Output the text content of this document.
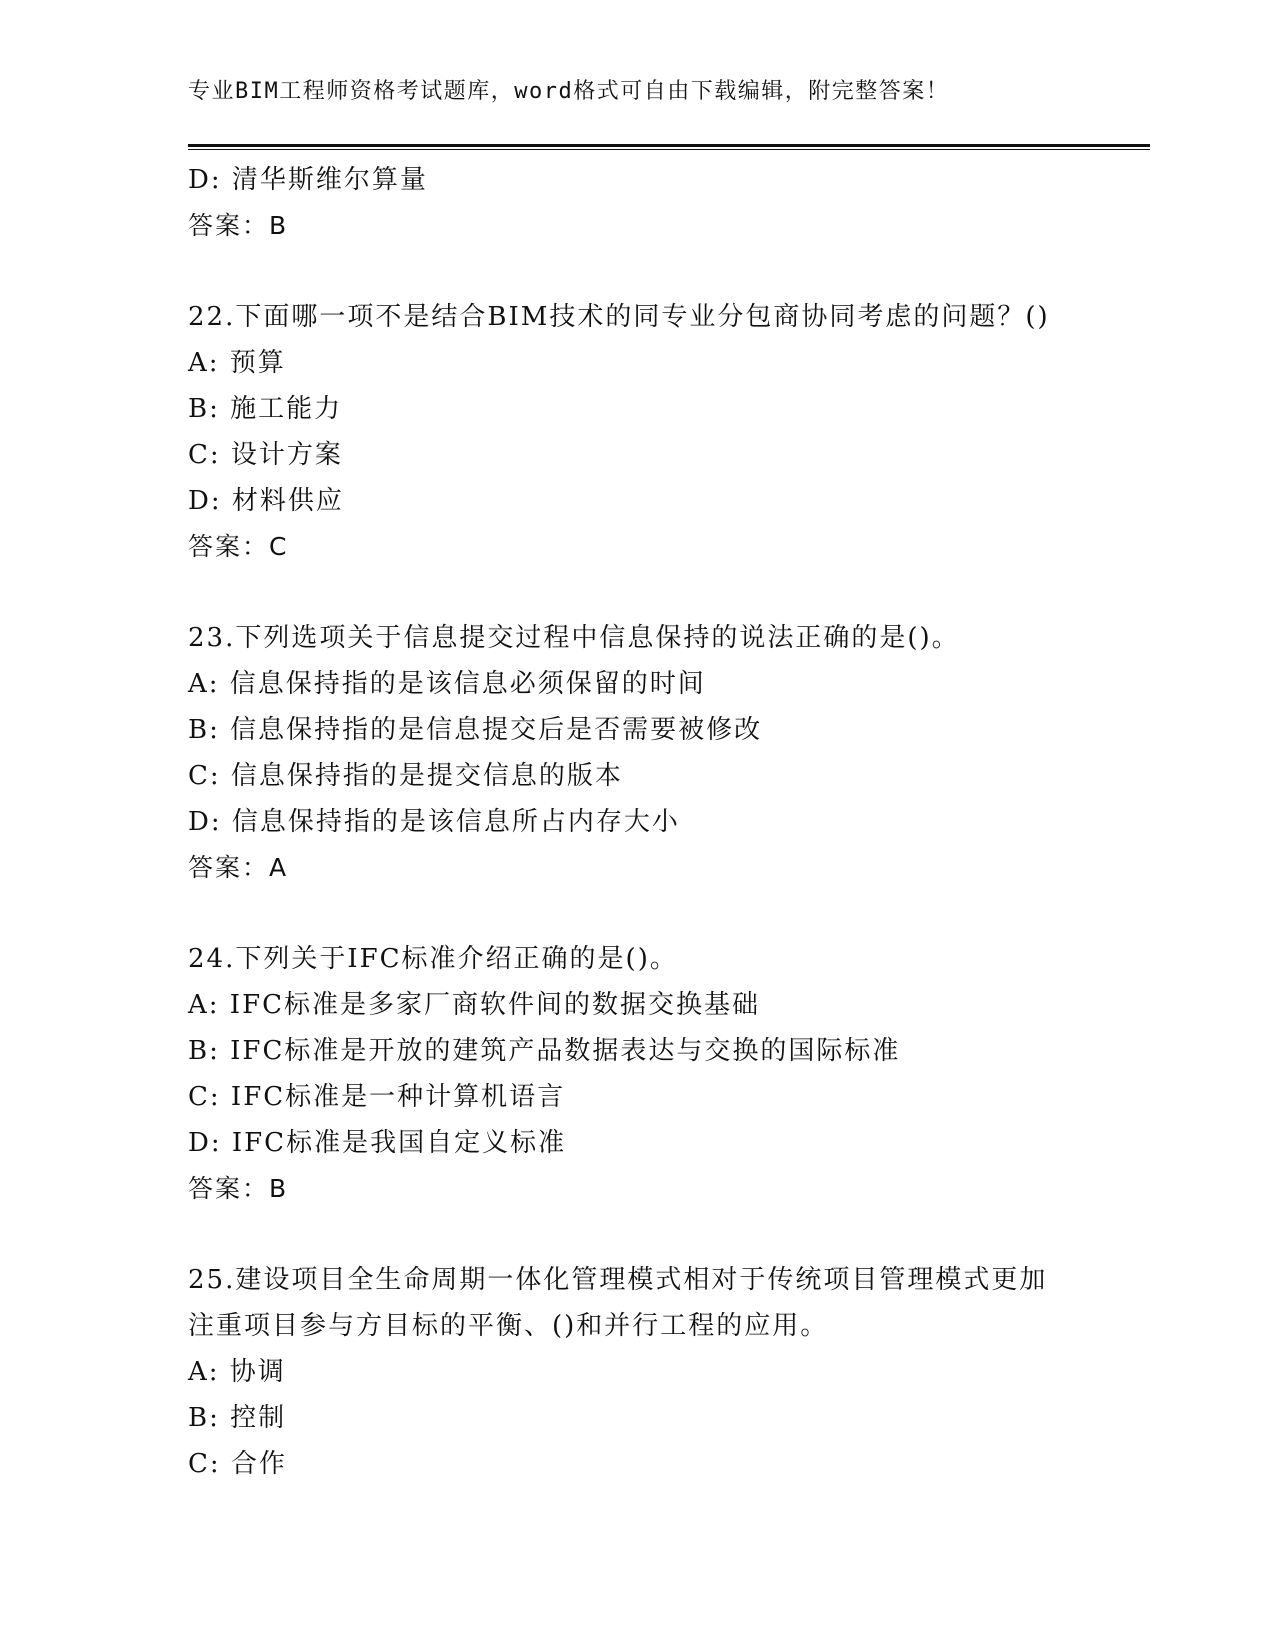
专业BIM工程师资格考试题库，word格式可自由下载编辑，附完整答案！
D: 清华斯维尔算量
答案：B
22.下面哪一项不是结合BIM技术的同专业分包商协同考虑的问题？()
A: 预算
B: 施工能力
C: 设计方案
D: 材料供应
答案：C
23.下列选项关于信息提交过程中信息保持的说法正确的是()。
A: 信息保持指的是该信息必须保留的时间
B: 信息保持指的是信息提交后是否需要被修改
C: 信息保持指的是提交信息的版本
D: 信息保持指的是该信息所占内存大小
答案：A
24.下列关于IFC标准介绍正确的是()。
A: IFC标准是多家厂商软件间的数据交换基础
B: IFC标准是开放的建筑产品数据表达与交换的国际标准
C: IFC标准是一种计算机语言
D: IFC标准是我国自定义标准
答案：B
25.建设项目全生命周期一体化管理模式相对于传统项目管理模式更加
注重项目参与方目标的平衡、()和并行工程的应用。
A: 协调
B: 控制
C: 合作
